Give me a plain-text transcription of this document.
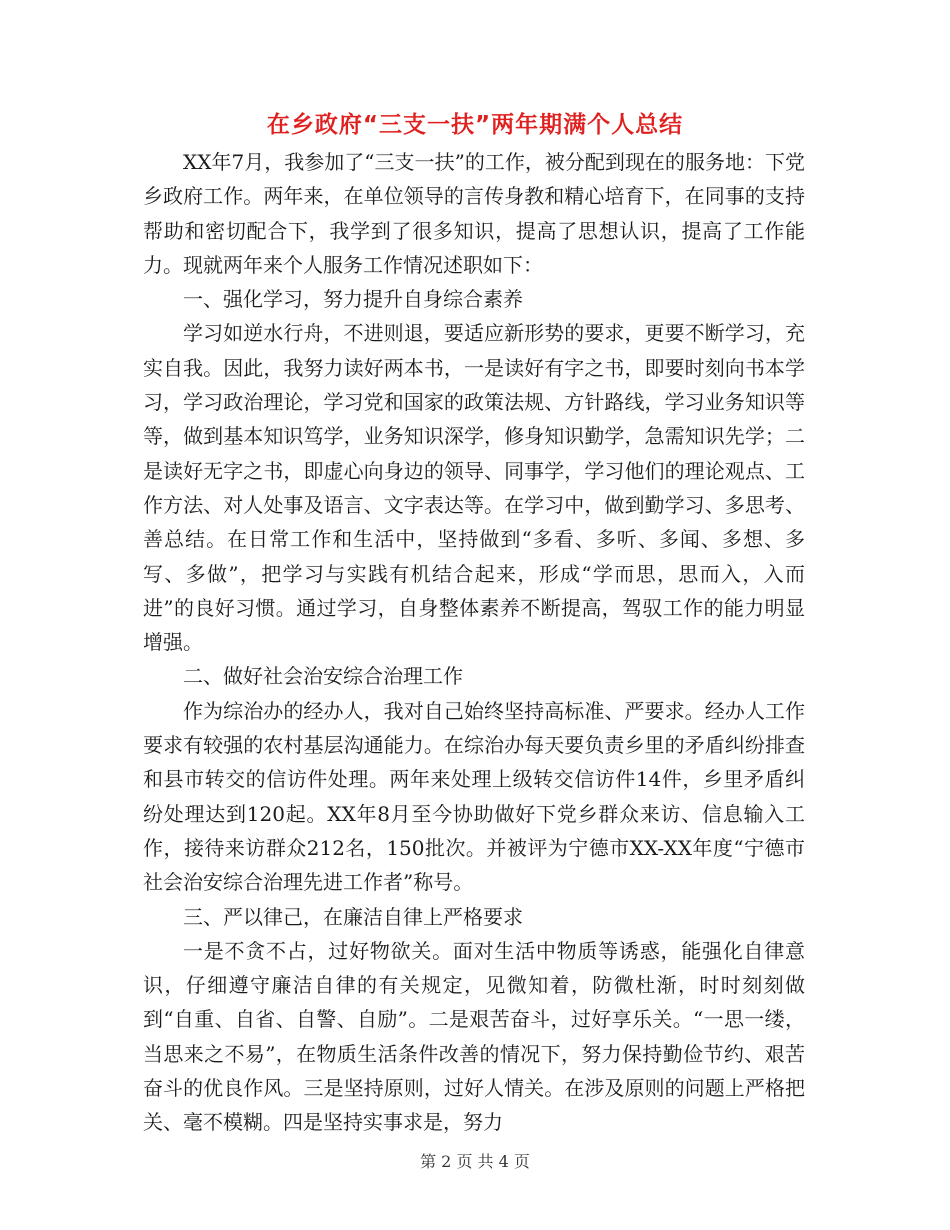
在乡政府“三支一扶”两年期满个人总结

XX年7月，我参加了“三支一扶”的工作，被分配到现在的服务地：下党乡政府工作。两年来，在单位领导的言传身教和精心培育下，在同事的支持帮助和密切配合下，我学到了很多知识，提高了思想认识，提高了工作能力。现就两年来个人服务工作情况述职如下：

一、强化学习，努力提升自身综合素养

学习如逆水行舟，不进则退，要适应新形势的要求，更要不断学习，充实自我。因此，我努力读好两本书，一是读好有字之书，即要时刻向书本学习，学习政治理论，学习党和国家的政策法规、方针路线，学习业务知识等等，做到基本知识笃学，业务知识深学，修身知识勤学，急需知识先学；二是读好无字之书，即虚心向身边的领导、同事学，学习他们的理论观点、工作方法、对人处事及语言、文字表达等。在学习中，做到勤学习、多思考、善总结。在日常工作和生活中，坚持做到“多看、多听、多闻、多想、多写、多做”，把学习与实践有机结合起来，形成“学而思，思而入，入而进”的良好习惯。通过学习，自身整体素养不断提高，驾驭工作的能力明显增强。

二、做好社会治安综合治理工作

作为综治办的经办人，我对自己始终坚持高标准、严要求。经办人工作要求有较强的农村基层沟通能力。在综治办每天要负责乡里的矛盾纠纷排查和县市转交的信访件处理。两年来处理上级转交信访件14件，乡里矛盾纠纷处理达到120起。XX年8月至今协助做好下党乡群众来访、信息输入工作，接待来访群众212名，150批次。并被评为宁德市XX-XX年度“宁德市社会治安综合治理先进工作者”称号。

三、严以律己，在廉洁自律上严格要求

一是不贪不占，过好物欲关。面对生活中物质等诱惑，能强化自律意识，仔细遵守廉洁自律的有关规定，见微知着，防微杜渐，时时刻刻做到“自重、自省、自警、自励”。二是艰苦奋斗，过好享乐关。“一思一缕，当思来之不易”，在物质生活条件改善的情况下，努力保持勤俭节约、艰苦奋斗的优良作风。三是坚持原则，过好人情关。在涉及原则的问题上严格把关、毫不模糊。四是坚持实事求是，努力

第 2 页 共 4 页
